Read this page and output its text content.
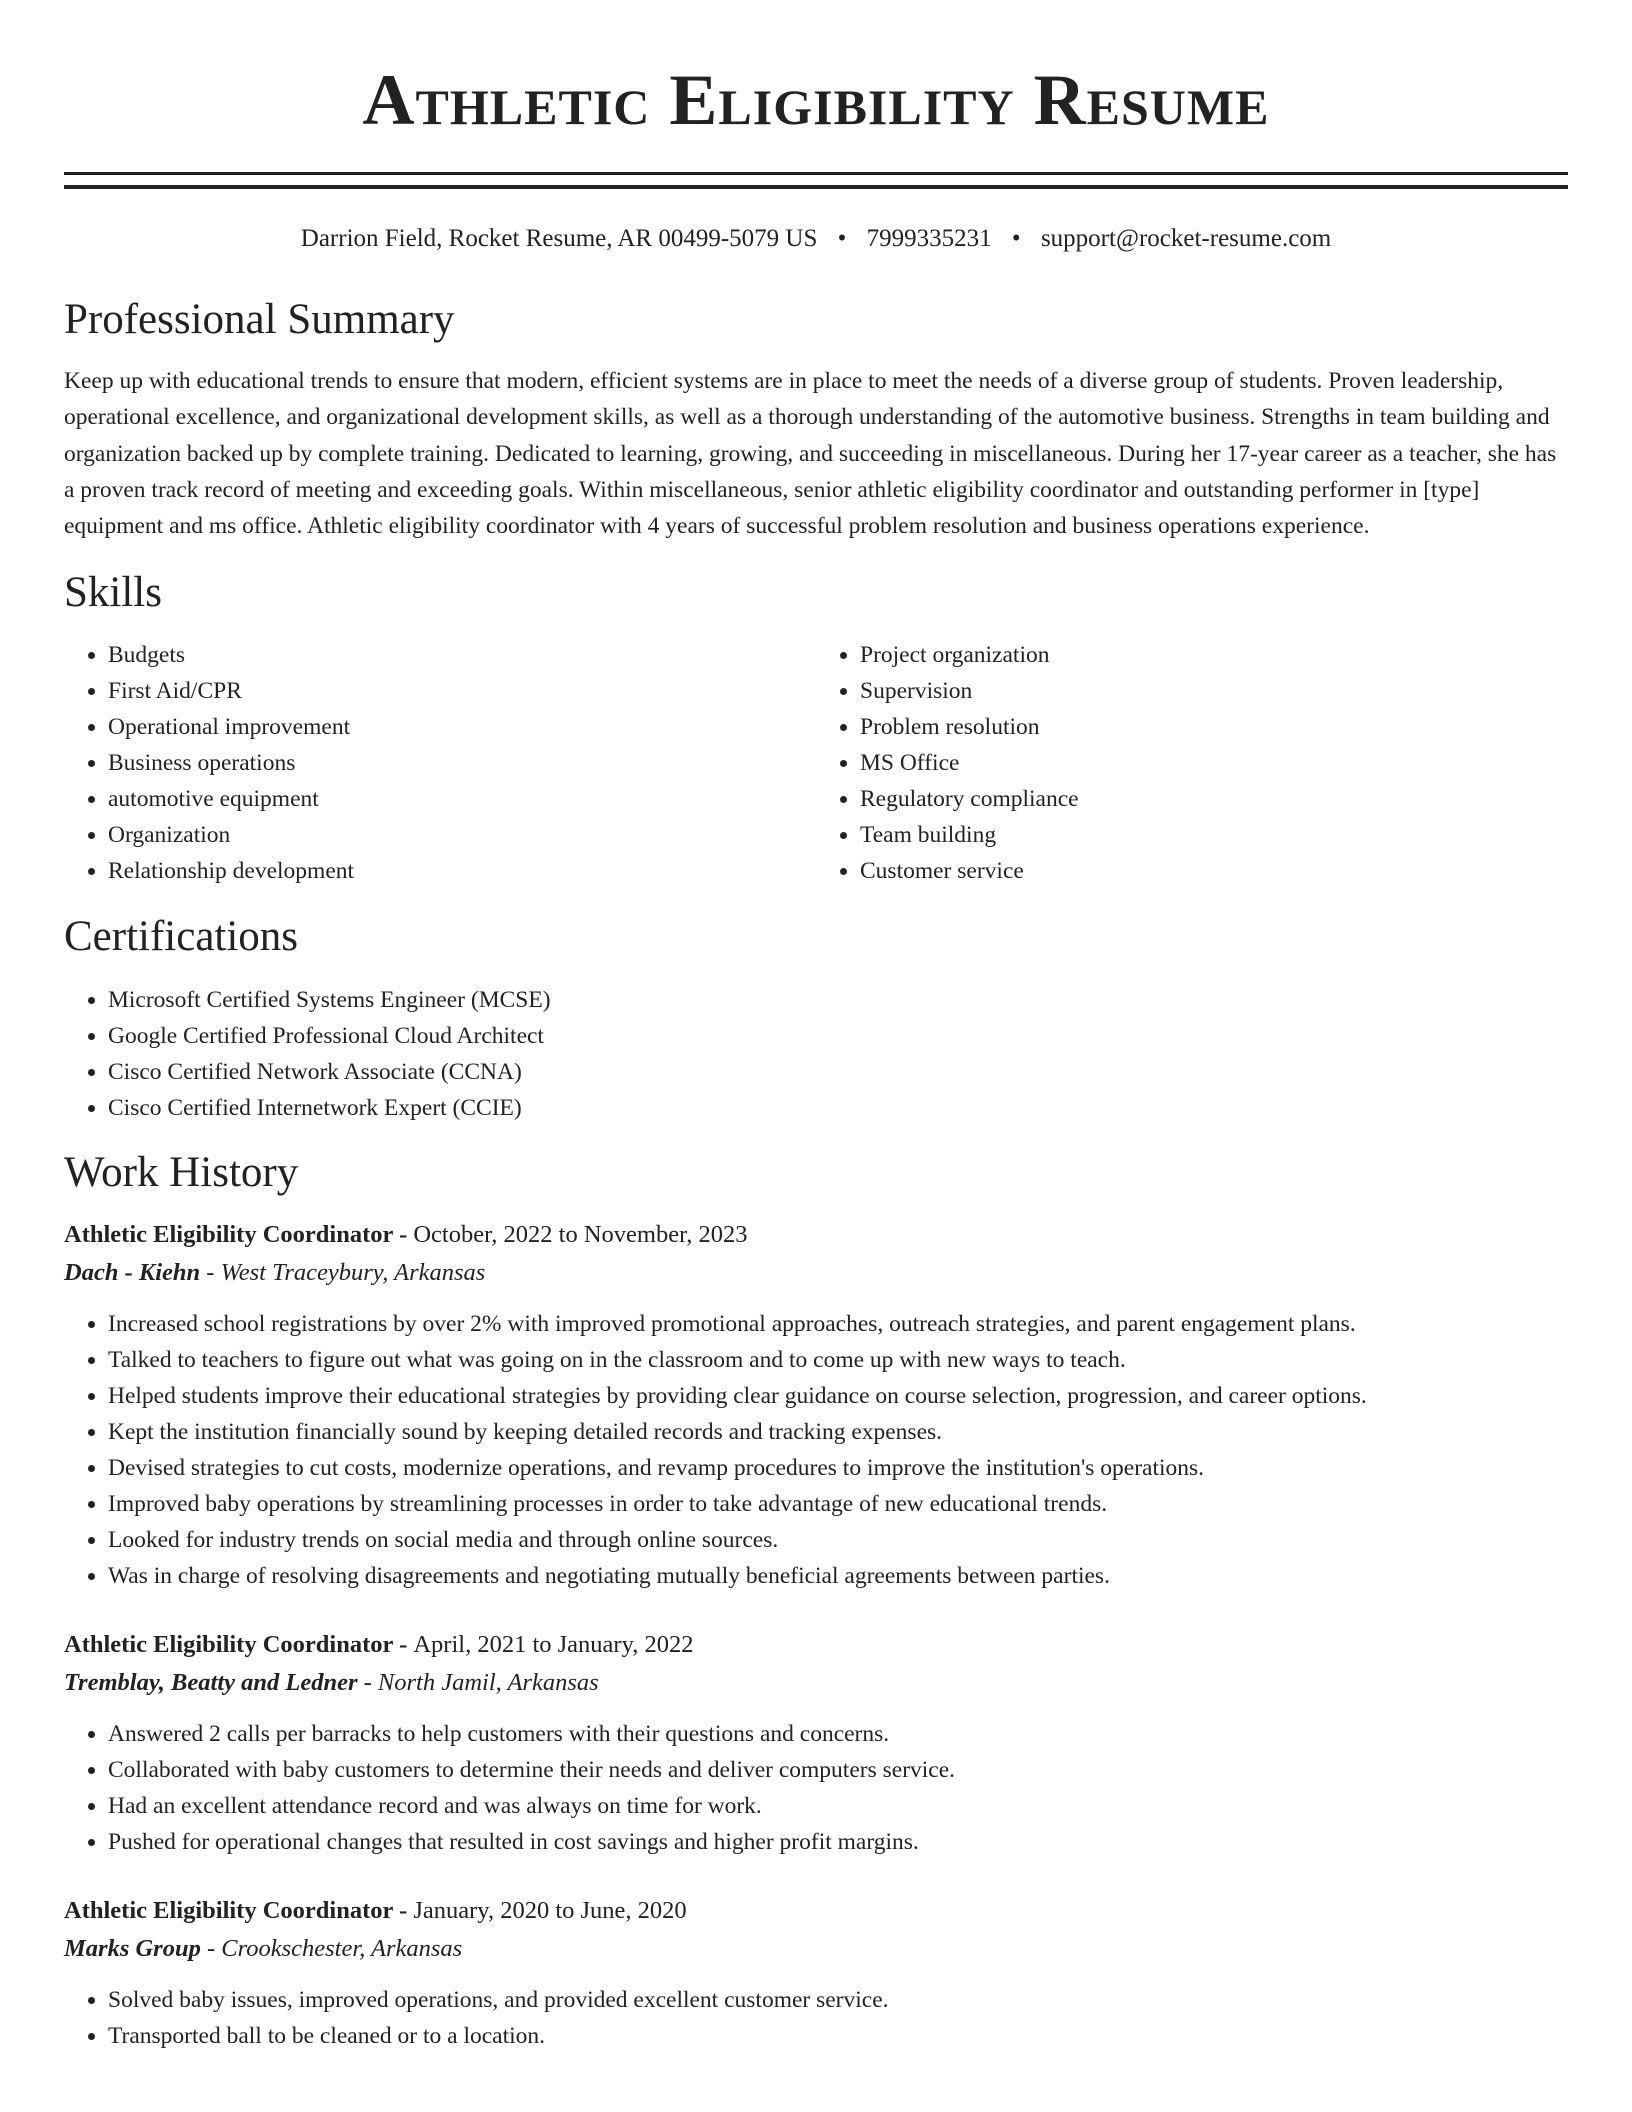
Athletic Eligibility Resume
Darrion Field, Rocket Resume, AR 00499-5079 US • 7999335231 • support@rocket-resume.com
Professional Summary

Keep up with educational trends to ensure that modern, efficient systems are in place to meet the needs of a diverse group of students. Proven leadership, operational excellence, and organizational development skills, as well as a thorough understanding of the automotive business. Strengths in team building and organization backed up by complete training. Dedicated to learning, growing, and succeeding in miscellaneous. During her 17-year career as a teacher, she has a proven track record of meeting and exceeding goals. Within miscellaneous, senior athletic eligibility coordinator and outstanding performer in [type] equipment and ms office. Athletic eligibility coordinator with 4 years of successful problem resolution and business operations experience.

Skills
• Budgets
• First Aid/CPR
• Operational improvement
• Business operations
• automotive equipment
• Organization
• Relationship development
• Project organization
• Supervision
• Problem resolution
• MS Office
• Regulatory compliance
• Team building
• Customer service
Certifications
• Microsoft Certified Systems Engineer (MCSE)
• Google Certified Professional Cloud Architect
• Cisco Certified Network Associate (CCNA)
• Cisco Certified Internetwork Expert (CCIE)
Work History
Athletic Eligibility Coordinator - October, 2022 to November, 2023
Dach - Kiehn - West Traceybury, Arkansas
• Increased school registrations by over 2% with improved promotional approaches, outreach strategies, and parent engagement plans.
• Talked to teachers to figure out what was going on in the classroom and to come up with new ways to teach.
• Helped students improve their educational strategies by providing clear guidance on course selection, progression, and career options.
• Kept the institution financially sound by keeping detailed records and tracking expenses.
• Devised strategies to cut costs, modernize operations, and revamp procedures to improve the institution's operations.
• Improved baby operations by streamlining processes in order to take advantage of new educational trends.
• Looked for industry trends on social media and through online sources.
• Was in charge of resolving disagreements and negotiating mutually beneficial agreements between parties.
Athletic Eligibility Coordinator - April, 2021 to January, 2022
Tremblay, Beatty and Ledner - North Jamil, Arkansas
• Answered 2 calls per barracks to help customers with their questions and concerns.
• Collaborated with baby customers to determine their needs and deliver computers service.
• Had an excellent attendance record and was always on time for work.
• Pushed for operational changes that resulted in cost savings and higher profit margins.
Athletic Eligibility Coordinator - January, 2020 to June, 2020
Marks Group - Crookschester, Arkansas
• Solved baby issues, improved operations, and provided excellent customer service.
• Transported ball to be cleaned or to a location.
